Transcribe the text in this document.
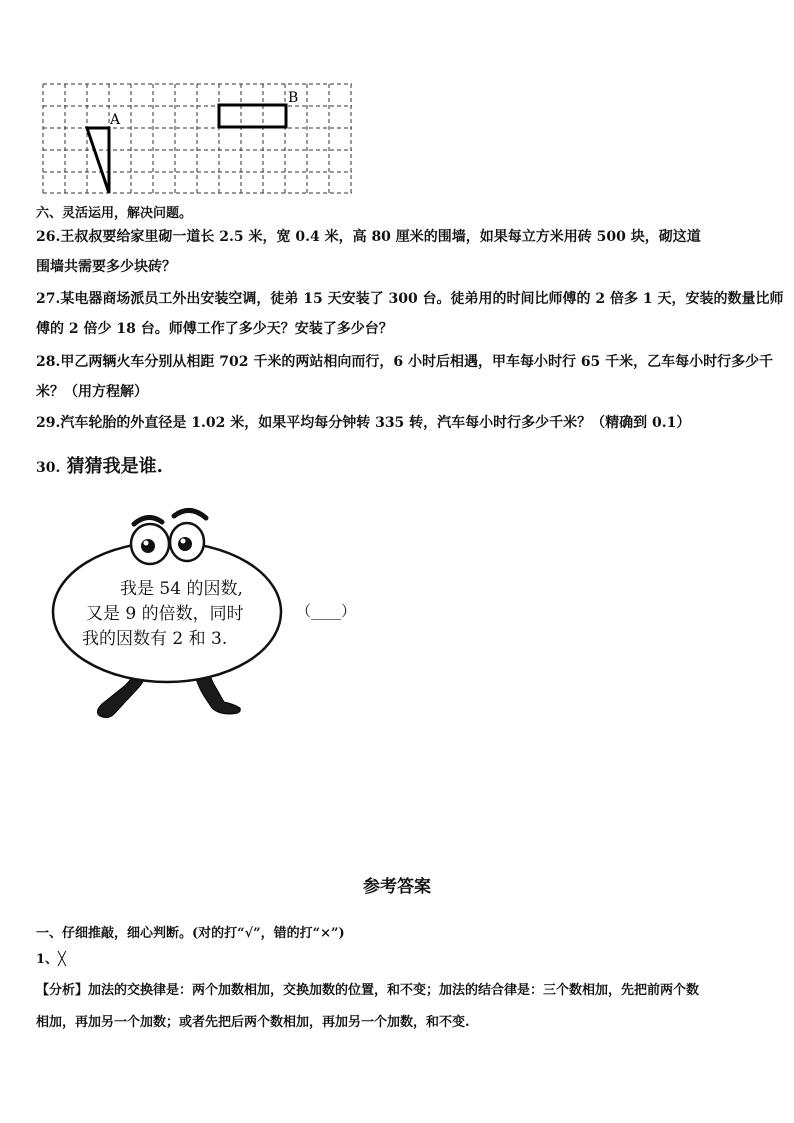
A
B
六、灵活运用，解决问题。
26.王叔叔要给家里砌一道长 2.5 米，宽 0.4 米，高 80 厘米的围墙，如果每立方米用砖 500 块，砌这道
围墙共需要多少块砖？
27.某电器商场派员工外出安装空调，徒弟 15 天安装了 300 台。徒弟用的时间比师傅的 2 倍多 1 天，安装的数量比师
傅的 2 倍少 18 台。师傅工作了多少天？安装了多少台？
28.甲乙两辆火车分别从相距 702 千米的两站相向而行，6 小时后相遇，甲车每小时行 65 千米，乙车每小时行多少千
米？（用方程解）
29.汽车轮胎的外直径是 1.02 米，如果平均每分钟转 335 转，汽车每小时行多少千米？（精确到 0.1）
30. 猜猜我是谁.
我是 54 的因数,
又是 9 的倍数，同时
我的因数有 2 和 3.
（____）
参考答案
一、仔细推敲，细心判断。(对的打“√”，错的打“×”)
1、╳
【分析】加法的交换律是：两个加数相加，交换加数的位置，和不变；加法的结合律是：三个数相加，先把前两个数
相加，再加另一个加数；或者先把后两个数相加，再加另一个加数，和不变.
